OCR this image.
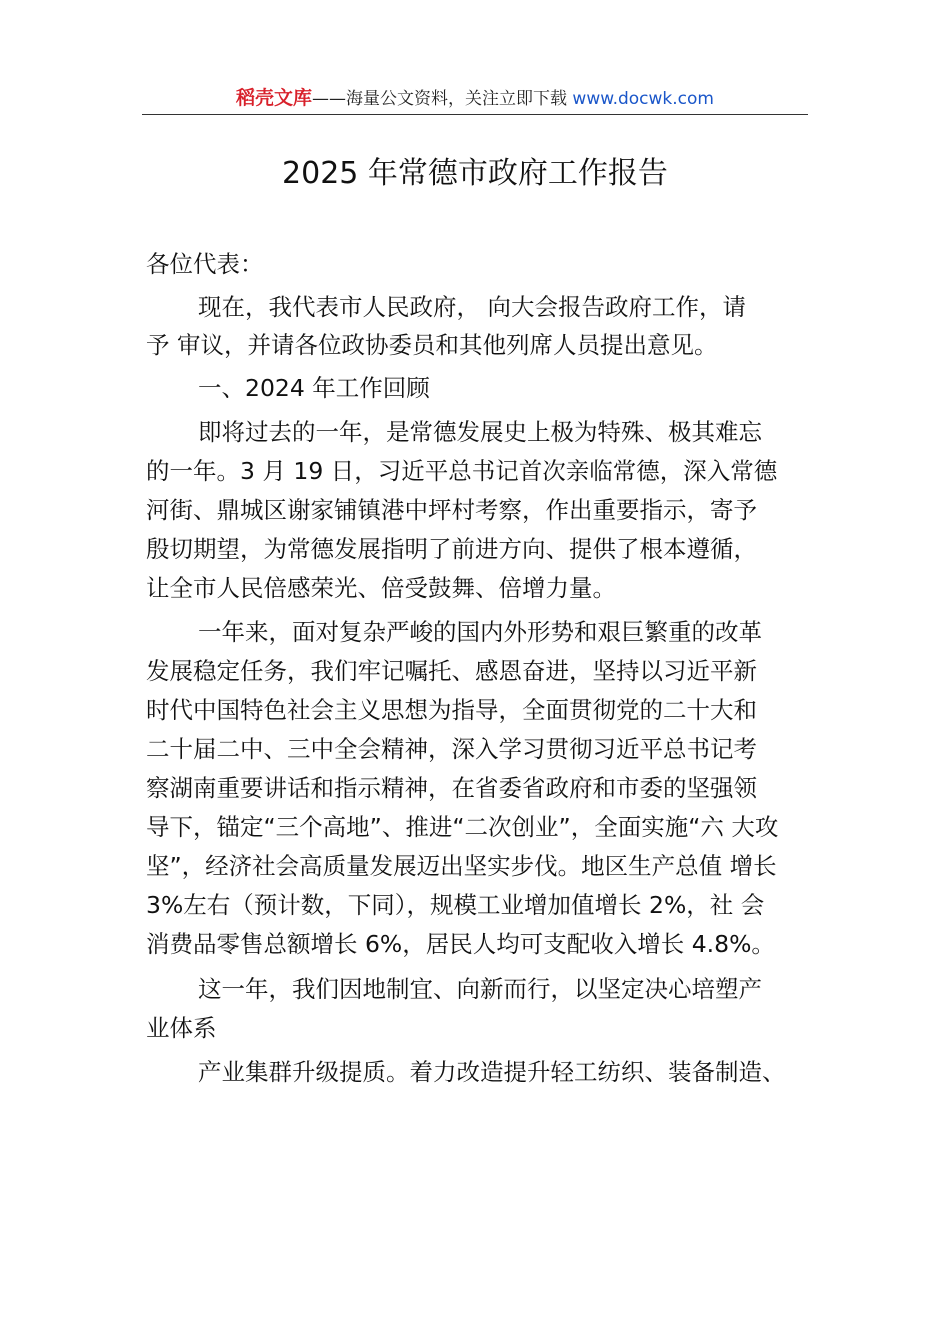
稻壳文库——海量公文资料，关注立即下载 www.docwk.com
2025 年常德市政府工作报告
各位代表：
现在，我代表市人民政府， 向大会报告政府工作，请
予 审议，并请各位政协委员和其他列席人员提出意见。
一、2024 年工作回顾
即将过去的一年，是常德发展史上极为特殊、极其难忘
的一年。3 月 19 日，习近平总书记首次亲临常德，深入常德
河街、鼎城区谢家铺镇港中坪村考察，作出重要指示，寄予
殷切期望，为常德发展指明了前进方向、提供了根本遵循，
让全市人民倍感荣光、倍受鼓舞、倍增力量。
一年来，面对复杂严峻的国内外形势和艰巨繁重的改革
发展稳定任务，我们牢记嘱托、感恩奋进，坚持以习近平新
时代中国特色社会主义思想为指导，全面贯彻党的二十大和
二十届二中、三中全会精神，深入学习贯彻习近平总书记考
察湖南重要讲话和指示精神，在省委省政府和市委的坚强领
导下，锚定“三个高地”、推进“二次创业”，全面实施“六 大攻
坚”，经济社会高质量发展迈出坚实步伐。地区生产总值 增长
3%左右（预计数，下同），规模工业增加值增长 2%，社 会
消费品零售总额增长 6%，居民人均可支配收入增长 4.8%。
这一年，我们因地制宜、向新而行，以坚定决心培塑产
业体系
产业集群升级提质。着力改造提升轻工纺织、装备制造、
